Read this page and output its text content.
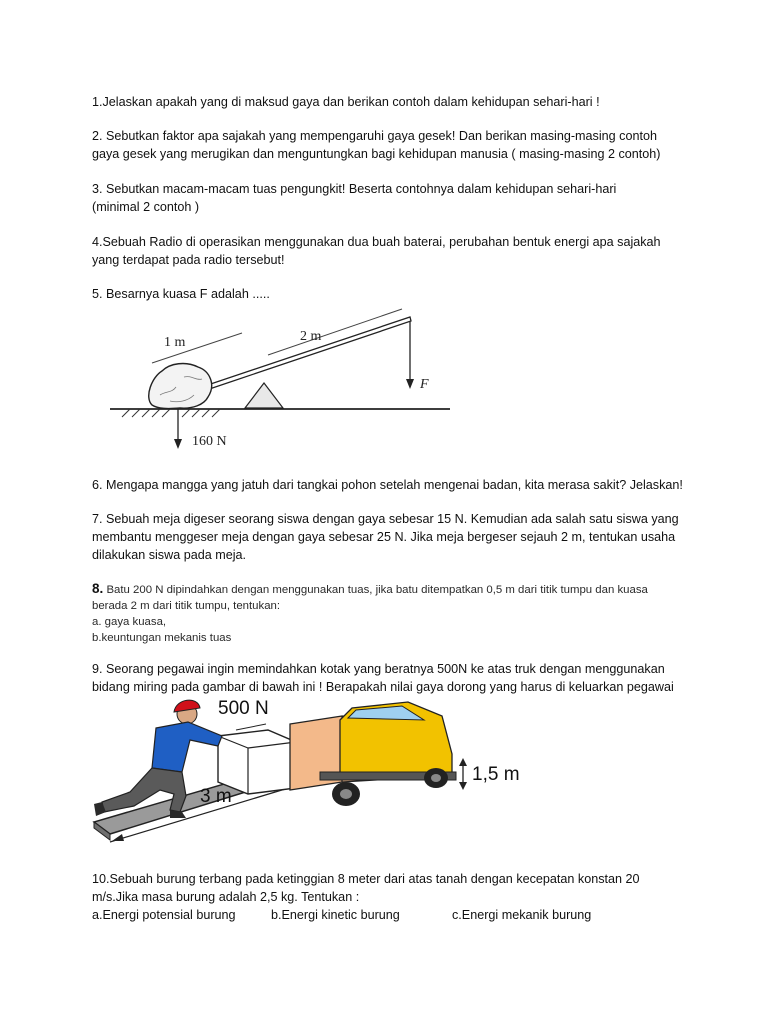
1.Jelaskan apakah yang di maksud gaya dan berikan contoh dalam kehidupan sehari-hari !

2. Sebutkan faktor apa sajakah yang mempengaruhi gaya gesek! Dan berikan masing-masing contoh

gaya gesek yang merugikan dan menguntungkan bagi kehidupan manusia ( masing-masing 2 contoh)

3. Sebutkan macam-macam tuas pengungkit! Beserta contohnya dalam kehidupan sehari-hari

(minimal 2 contoh )

4.Sebuah Radio di operasikan menggunakan dua buah baterai, perubahan bentuk energi apa sajakah

yang terdapat pada radio tersebut!

5. Besarnya kuasa F adalah .....

1 m	2 m
F
160 N

6. Mengapa mangga yang jatuh dari tangkai pohon setelah mengenai badan, kita merasa sakit? Jelaskan!

7. Sebuah meja digeser seorang siswa dengan gaya sebesar 15 N. Kemudian ada salah satu siswa yang

membantu menggeser meja dengan gaya sebesar 25 N. Jika meja bergeser sejauh 2 m, tentukan usaha

dilakukan siswa pada meja.

8. Batu 200 N dipindahkan dengan menggunakan tuas, jika batu ditempatkan 0,5 m dari titik tumpu dan kuasa

berada 2 m dari titik tumpu, tentukan:

a. gaya kuasa,

b.keuntungan mekanis tuas

9. Seorang pegawai ingin memindahkan kotak yang beratnya 500N ke atas truk dengan menggunakan

bidang miring pada gambar di bawah ini ! Berapakah nilai gaya dorong yang harus di keluarkan pegawai

3 m
500 N
1,5 m

10.Sebuah burung terbang pada ketinggian 8 meter dari atas tanah dengan kecepatan konstan 20

m/s.Jika masa burung adalah 2,5 kg. Tentukan :

a.Energi potensial burung	b.Energi kinetic burung	c.Energi mekanik burung
